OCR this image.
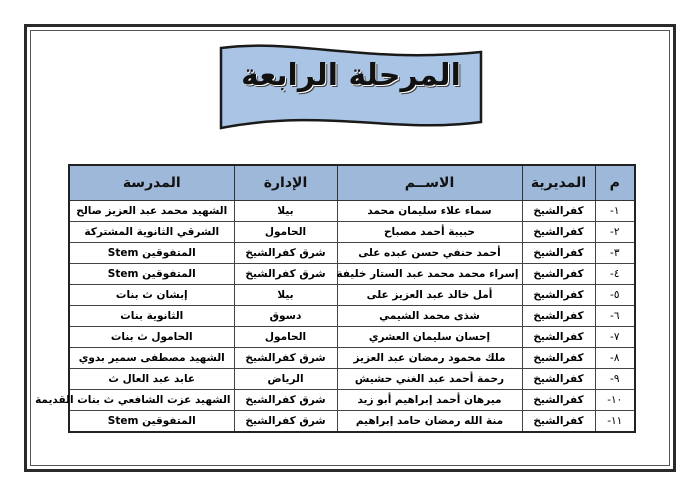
المرحلة الرابعة
م	المديرية	الاســم	الإدارة	المدرسة
١-	كفرالشيخ	سماء علاء سليمان محمد	بيلا	الشهيد محمد عبد العزيز صالح
٢-	كفرالشيخ	حبيبة أحمد مصباح	الحامول	الشرقي الثانوية المشتركة
٣-	كفرالشيخ	أحمد حنفي حسن عبده على	شرق كفرالشيخ	المتفوقين Stem
٤-	كفرالشيخ	إسراء محمد محمد عبد الستار خليفة	شرق كفرالشيخ	المتفوقين Stem
٥-	كفرالشيخ	أمل خالد عبد العزيز على	بيلا	إبشان ث بنات
٦-	كفرالشيخ	شذى محمد الشيمي	دسوق	الثانوية بنات
٧-	كفرالشيخ	إحسان سليمان العشري	الحامول	الحامول ث بنات
٨-	كفرالشيخ	ملك محمود رمضان عبد العزيز	شرق كفرالشيخ	الشهيد مصطفى سمير بدوي
٩-	كفرالشيخ	رحمة أحمد عبد الغني حشيش	الرياض	عابد عبد العال ث
١٠-	كفرالشيخ	ميرهان أحمد إبراهيم أبو زيد	شرق كفرالشيخ	الشهيد عزت الشافعي ث بنات القديمة
١١-	كفرالشيخ	منة الله رمضان حامد إبراهيم	شرق كفرالشيخ	المتفوقين Stem
